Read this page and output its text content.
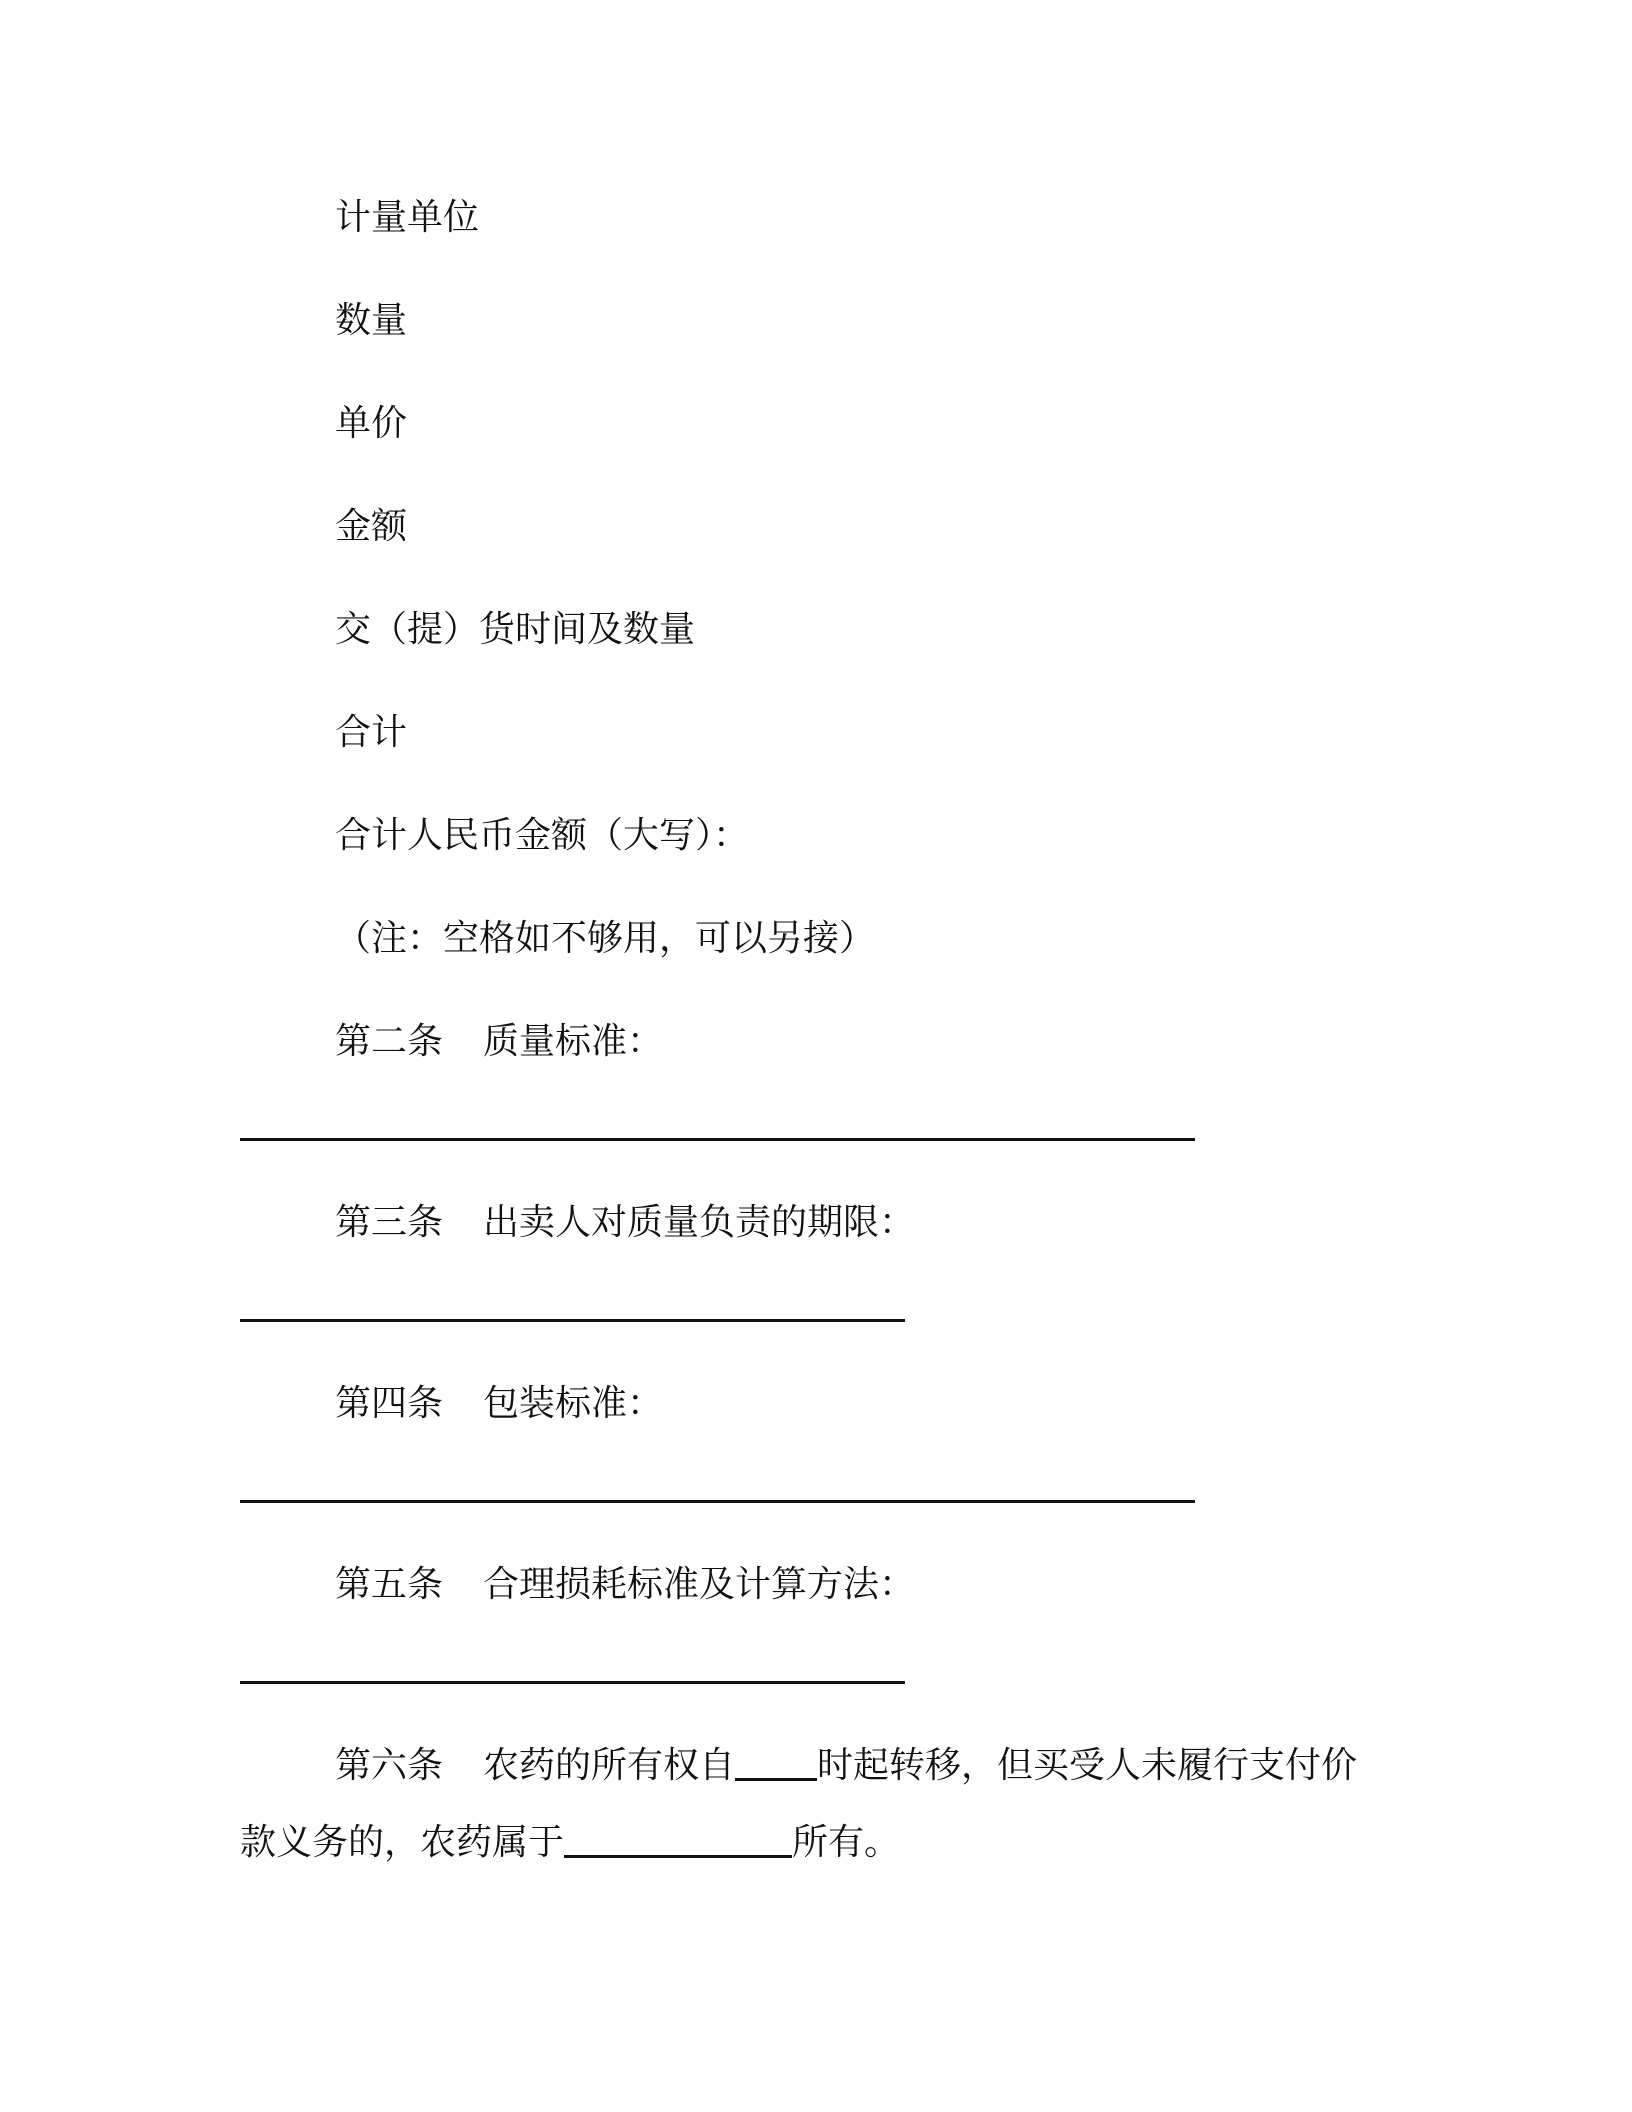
计量单位
数量
单价
金额
交（提）货时间及数量
合计
合计人民币金额（大写）：
（注：空格如不够用，可以另接）
第二条 质量标准：
第三条 出卖人对质量负责的期限：
第四条 包装标准：
第五条 合理损耗标准及计算方法：
第六条 农药的所有权自 时起转移，但买受人未履行支付价
款义务的，农药属于	所有。
